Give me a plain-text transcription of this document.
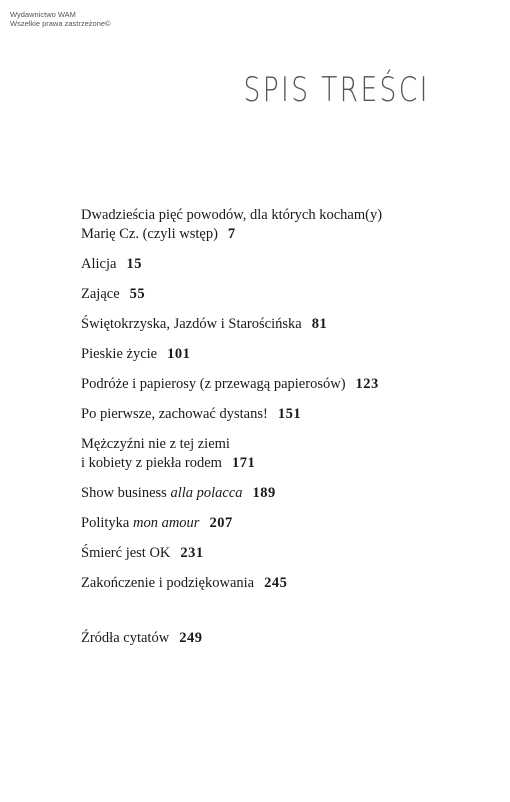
Wydawnictwo WAM
Wszelkie prawa zastrzeżone©
SPIS TREŚCI
Dwadzieścia pięć powodów, dla których kocham(y)
Marię Cz. (czyli wstęp) 7
Alicja 15
Zające 55
Świętokrzyska, Jazdów i Starościńska 81
Pieskie życie 101
Podróże i papierosy (z przewagą papierosów) 123
Po pierwsze, zachować dystans! 151
Mężczyźni nie z tej ziemi
i kobiety z piekła rodem 171
Show business alla polacca 189
Polityka mon amour 207
Śmierć jest OK 231
Zakończenie i podziękowania 245
Źródła cytatów 249
